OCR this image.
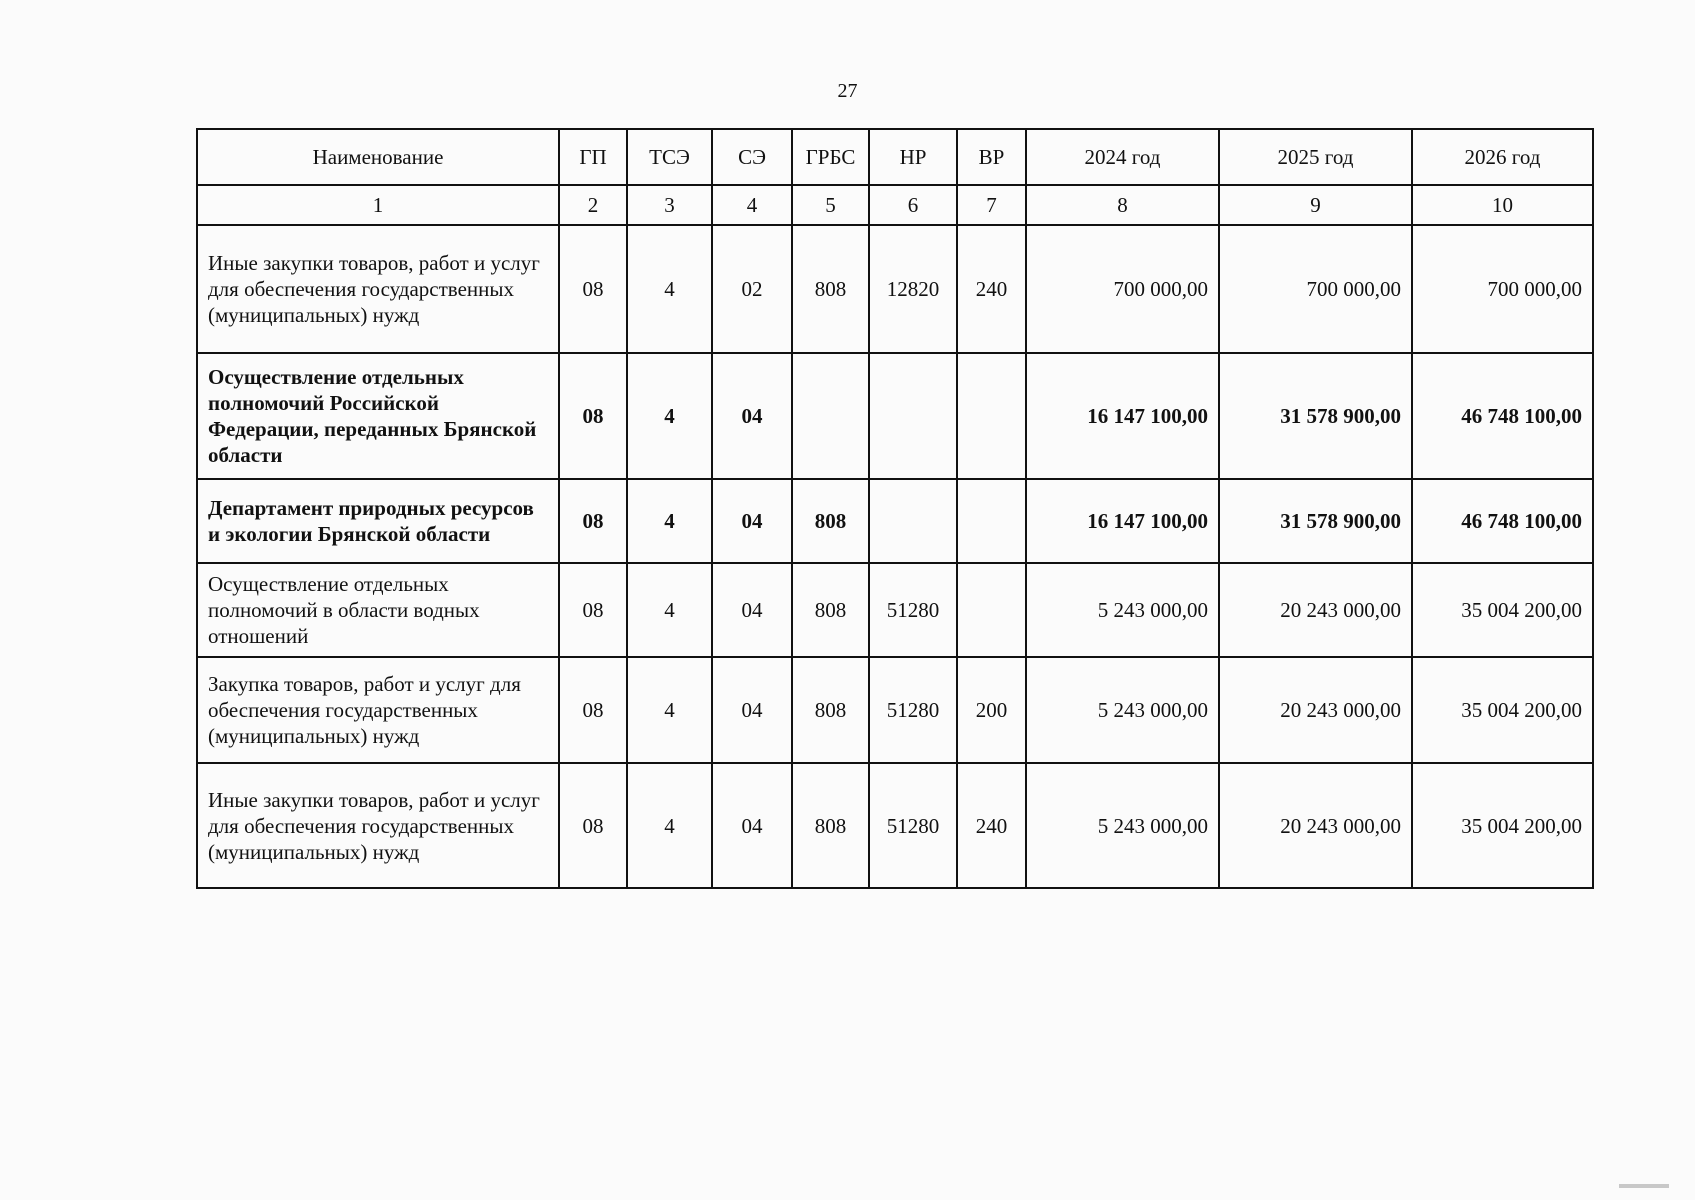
27
Наименование	ГП	ТСЭ	СЭ	ГРБС	НР	ВР	2024 год	2025 год	2026 год
1	2	3	4	5	6	7	8	9	10
Иные закупки товаров, работ и услуг для обеспечения государственных (муниципальных) нужд	08	4	02	808	12820	240	700 000,00	700 000,00	700 000,00
Осуществление отдельных полномочий Российской Федерации, переданных Брянской области	08	4	04				16 147 100,00	31 578 900,00	46 748 100,00
Департамент природных ресурсов и экологии Брянской области	08	4	04	808			16 147 100,00	31 578 900,00	46 748 100,00
Осуществление отдельных полномочий в области водных отношений	08	4	04	808	51280		5 243 000,00	20 243 000,00	35 004 200,00
Закупка товаров, работ и услуг для обеспечения государственных (муниципальных) нужд	08	4	04	808	51280	200	5 243 000,00	20 243 000,00	35 004 200,00
Иные закупки товаров, работ и услуг для обеспечения государственных (муниципальных) нужд	08	4	04	808	51280	240	5 243 000,00	20 243 000,00	35 004 200,00
